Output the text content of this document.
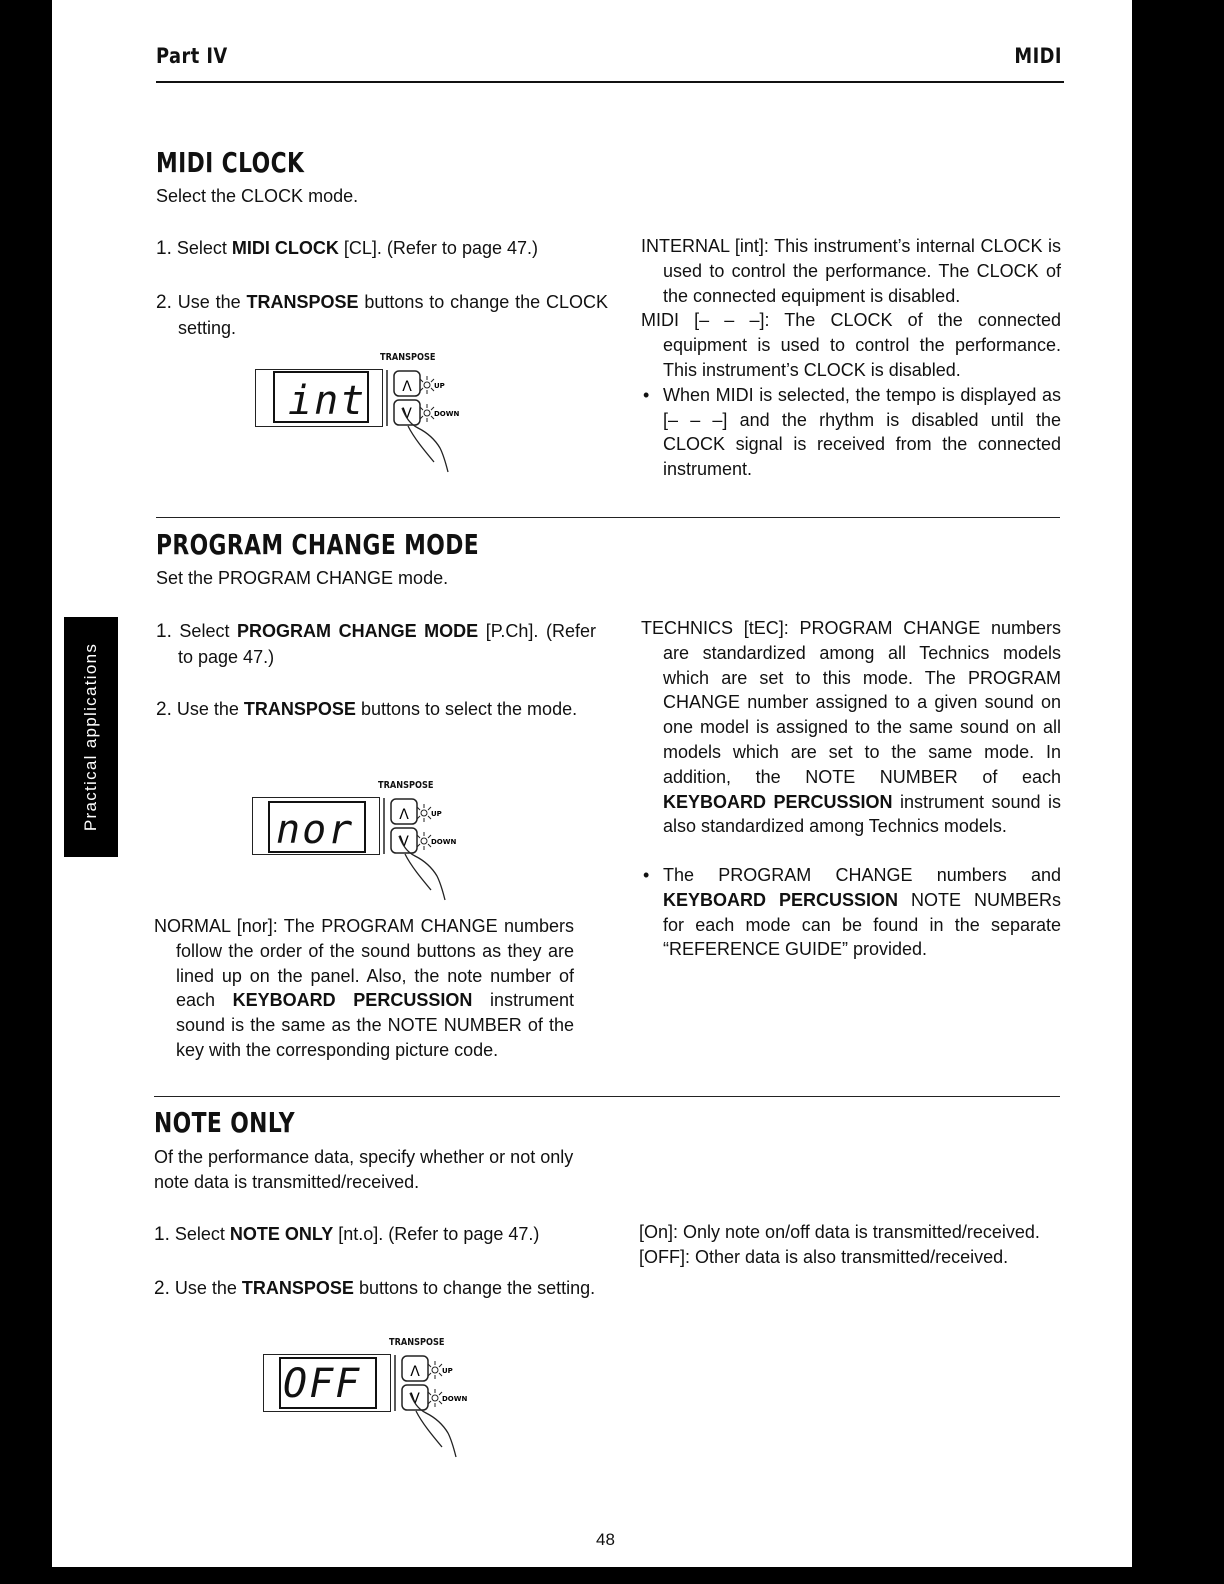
Part IV	MIDI
Practical applications
MIDI CLOCK
Select the CLOCK mode.
1. Select MIDI CLOCK [CL]. (Refer to page 47.)
2. Use the TRANSPOSE buttons to change the CLOCK setting.
TRANSPOSE
int	Λ
V
UP
DOWN
INTERNAL [int]: This instrument’s internal CLOCK is used to control the performance. The CLOCK of the connected equipment is disabled.
MIDI [– – –]: The CLOCK of the connected equipment is used to control the performance. This instrument’s CLOCK is disabled.
• When MIDI is selected, the tempo is displayed as [– – –] and the rhythm is disabled until the CLOCK signal is received from the connected instrument.
PROGRAM CHANGE MODE
Set the PROGRAM CHANGE mode.
1. Select PROGRAM CHANGE MODE [P.Ch]. (Refer to page 47.)
2. Use the TRANSPOSE buttons to select the mode.
TRANSPOSE
nor	Λ
V
UP
DOWN
NORMAL [nor]: The PROGRAM CHANGE numbers follow the order of the sound buttons as they are lined up on the panel. Also, the note number of each KEYBOARD PERCUSSION instrument sound is the same as the NOTE NUMBER of the key with the corresponding picture code.
TECHNICS [tEC]: PROGRAM CHANGE numbers are standardized among all Technics models which are set to this mode. The PROGRAM CHANGE number assigned to a given sound on one model is assigned to the same sound on all models which are set to the same mode. In addition, the NOTE NUMBER of each KEYBOARD PERCUSSION instrument sound is also standardized among Technics models.
• The PROGRAM CHANGE numbers and KEYBOARD PERCUSSION NOTE NUMBERs for each mode can be found in the separate “REFERENCE GUIDE” provided.
NOTE ONLY
Of the performance data, specify whether or not only note data is transmitted/received.
1. Select NOTE ONLY [nt.o]. (Refer to page 47.)
2. Use the TRANSPOSE buttons to change the setting.
TRANSPOSE
OFF	Λ
V
UP
DOWN
[On]: Only note on/off data is transmitted/received.
[OFF]: Other data is also transmitted/received.
48
